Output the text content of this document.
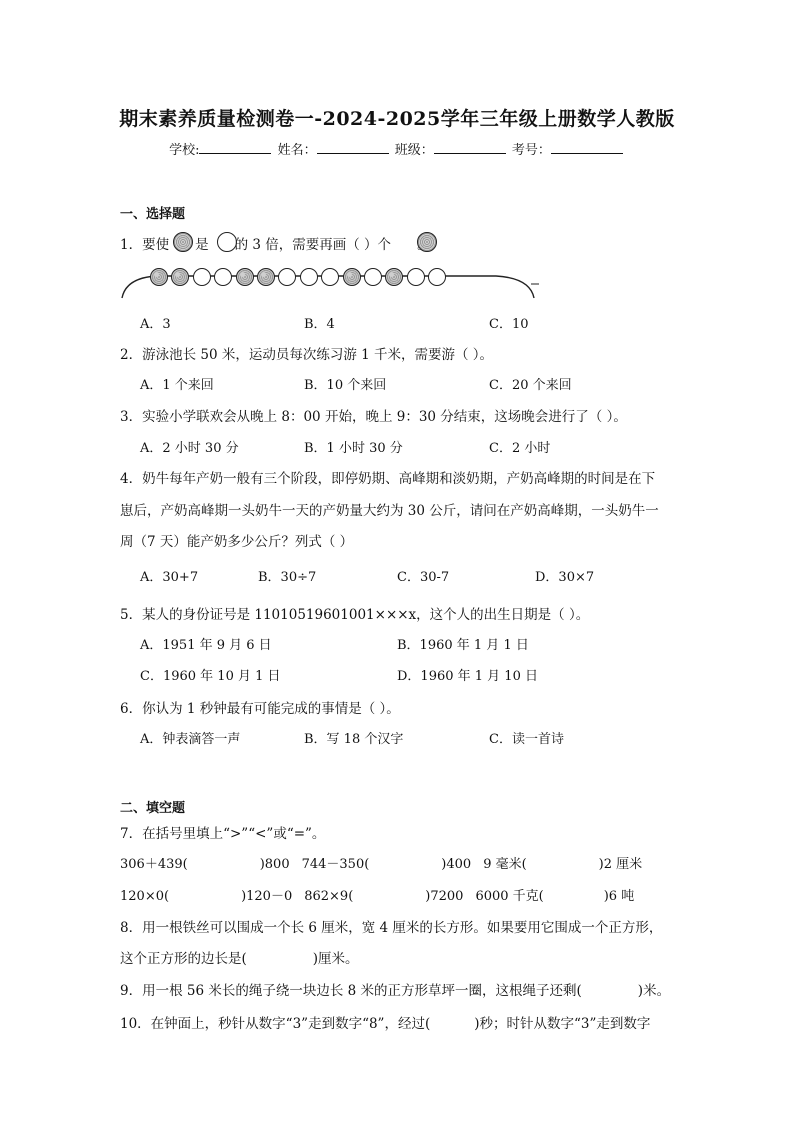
期末素养质量检测卷一-2024-2025学年三年级上册数学人教版
学校:	姓名：	班级：	考号：
一、选择题
1．要使 是 的 3 倍，需要再画（ ）个
A．3	B．4	C．10
2．游泳池长 50 米，运动员每次练习游 1 千米，需要游（ ）。
A．1 个来回	B．10 个来回	C．20 个来回
3．实验小学联欢会从晚上 8：00 开始，晚上 9：30 分结束，这场晚会进行了（ ）。
A．2 小时 30 分	B．1 小时 30 分	C．2 小时
4．奶牛每年产奶一般有三个阶段，即停奶期、高峰期和淡奶期，产奶高峰期的时间是在下
崽后，产奶高峰期一头奶牛一天的产奶量大约为 30 公斤，请问在产奶高峰期，一头奶牛一
周（7 天）能产奶多少公斤？列式（ ）
A．30+7	B．30÷7	C．30-7	D．30×7
5．某人的身份证号是 11010519601001×××x，这个人的出生日期是（ ）。
A．1951 年 9 月 6 日	B．1960 年 1 月 1 日
C．1960 年 10 月 1 日	D．1960 年 1 月 10 日
6．你认为 1 秒钟最有可能完成的事情是（ ）。
A．钟表滴答一声	B．写 18 个汉字	C．读一首诗
二、填空题
7．在括号里填上“>”“<”或“=”。
306＋439(	)800 744－350(	)400 9 毫米(	)2 厘米
120×0(	)120－0 862×9(	)7200 6000 千克(	)6 吨
8．用一根铁丝可以围成一个长 6 厘米，宽 4 厘米的长方形。如果要用它围成一个正方形，
这个正方形的边长是(	)厘米。
9．用一根 56 米长的绳子绕一块边长 8 米的正方形草坪一圈，这根绳子还剩(	)米。
10．在钟面上，秒针从数字“3”走到数字“8”，经过(	)秒；时针从数字“3”走到数字
